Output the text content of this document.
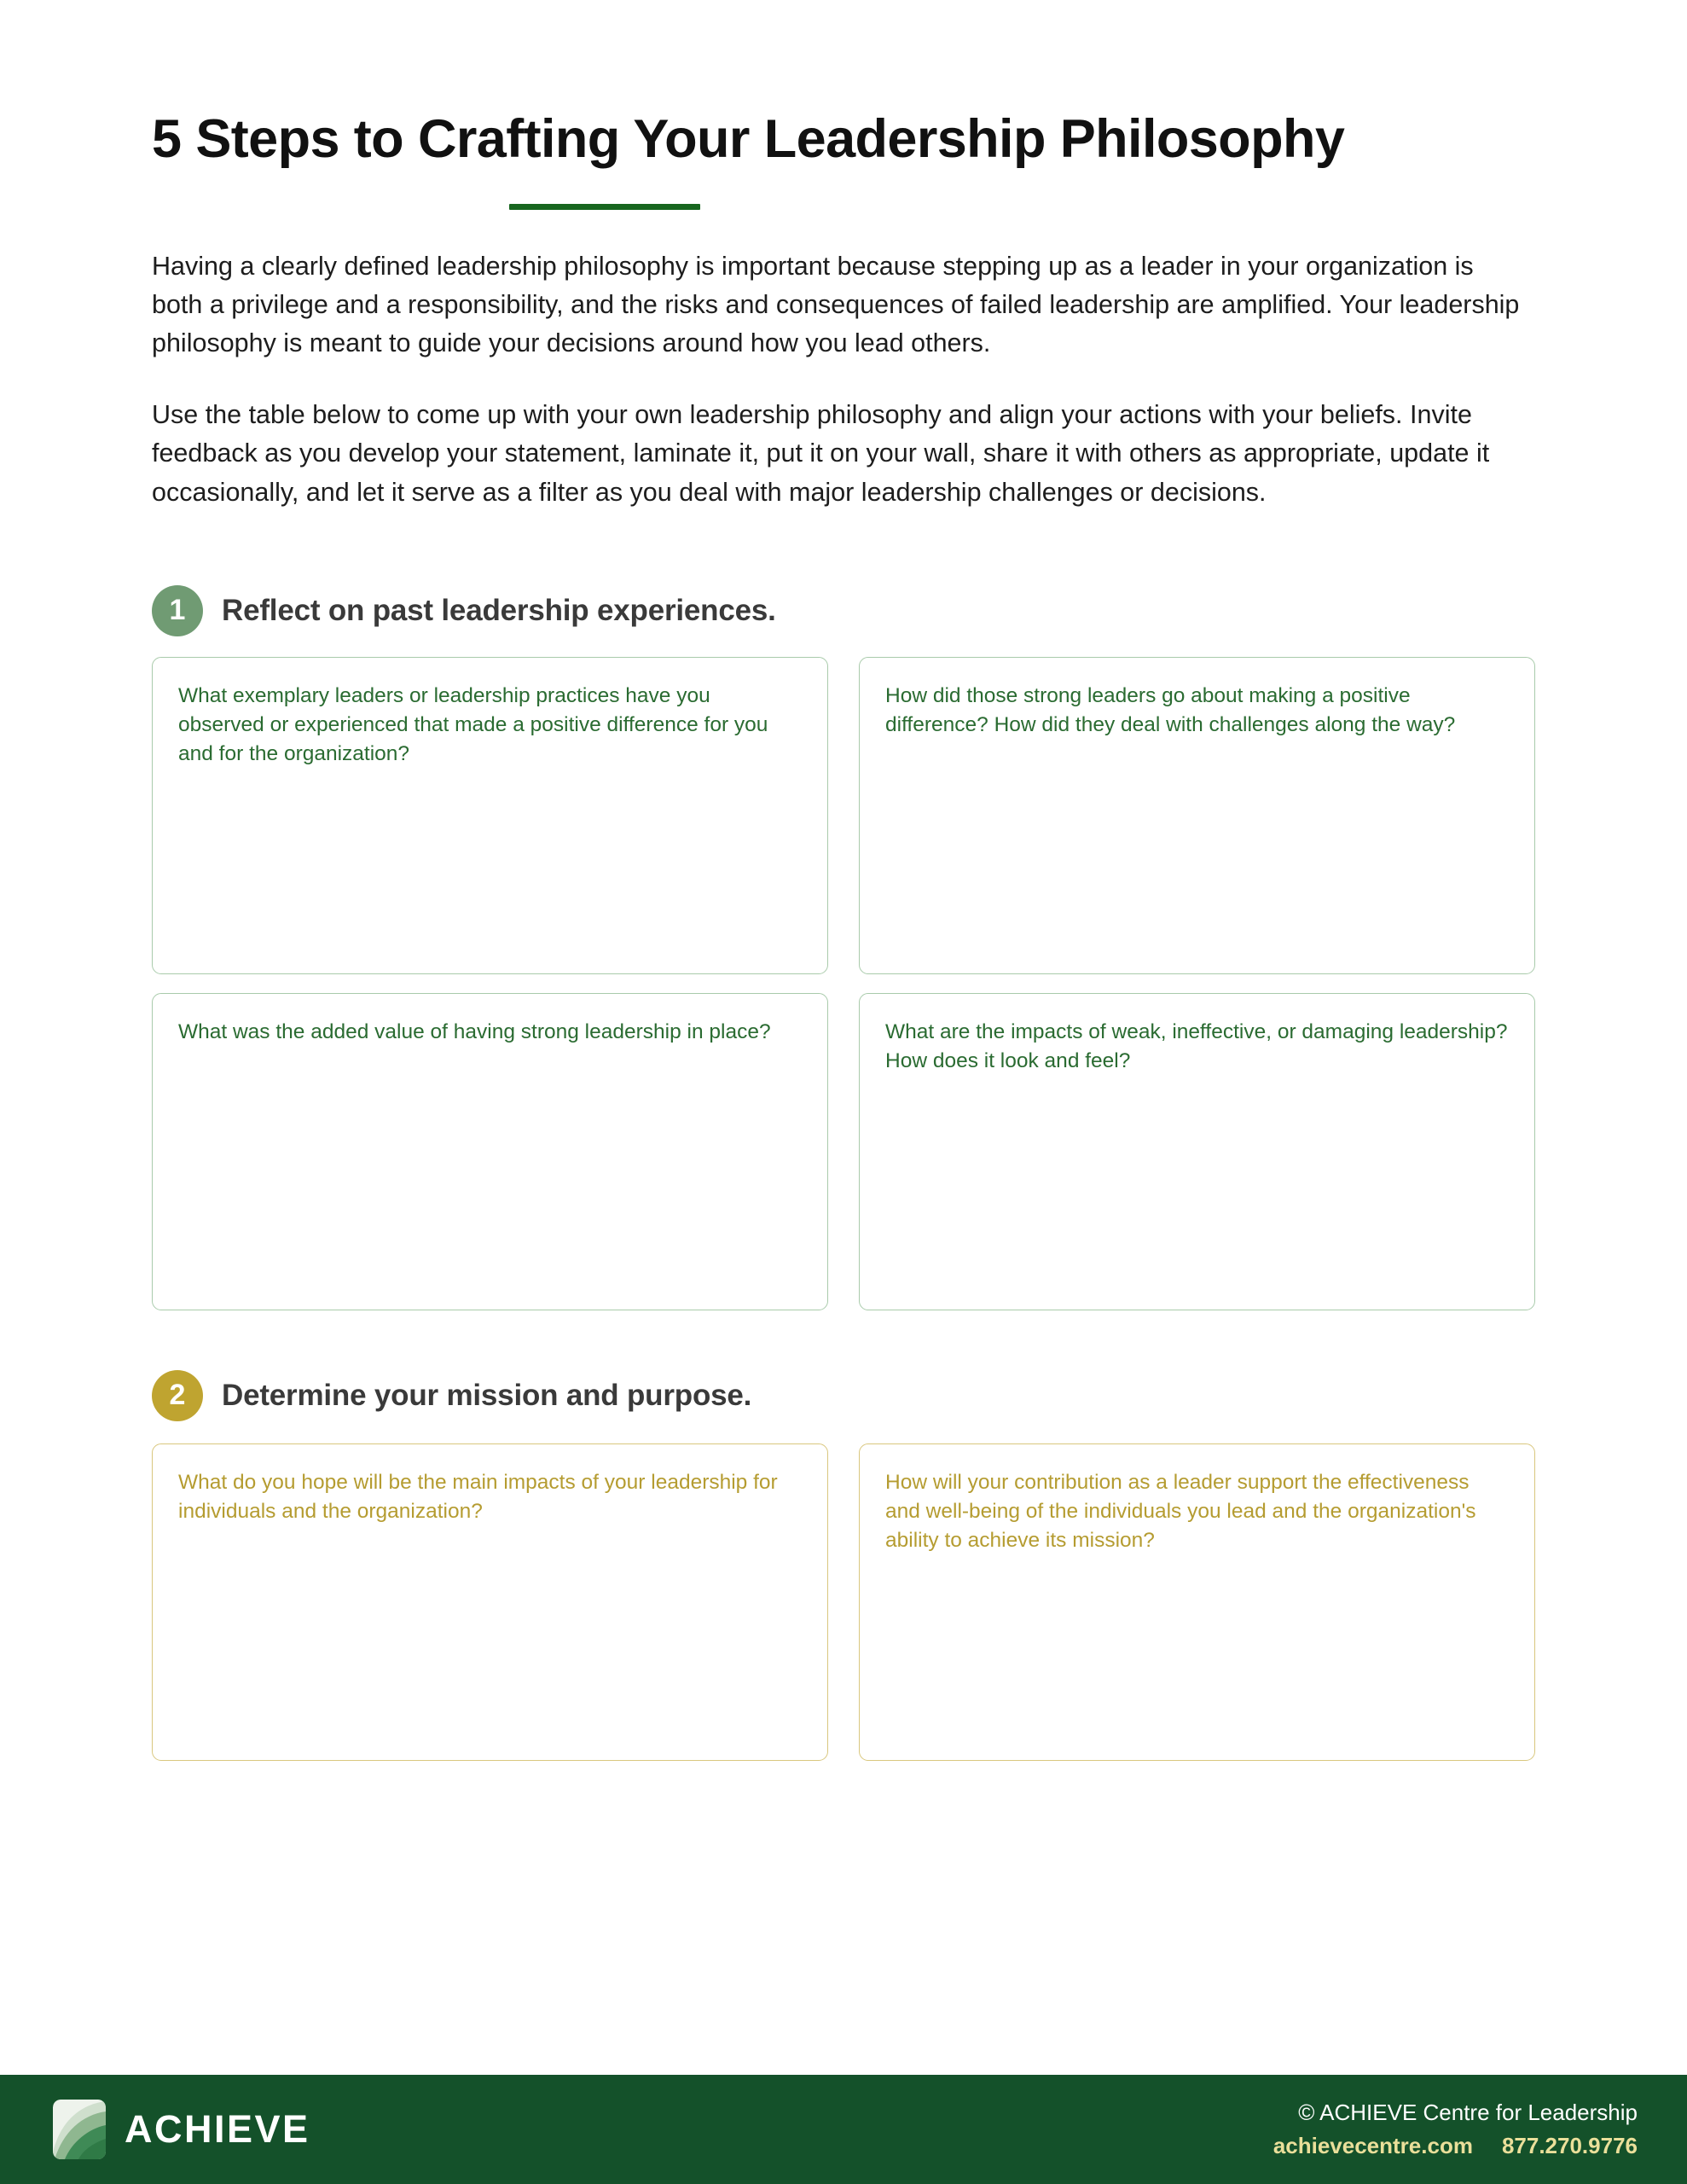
5 Steps to Crafting Your Leadership Philosophy

Having a clearly defined leadership philosophy is important because stepping up as a leader in your organization is both a privilege and a responsibility, and the risks and consequences of failed leadership are amplified. Your leadership philosophy is meant to guide your decisions around how you lead others.

Use the table below to come up with your own leadership philosophy and align your actions with your beliefs. Invite feedback as you develop your statement, laminate it, put it on your wall, share it with others as appropriate, update it occasionally, and let it serve as a filter as you deal with major leadership challenges or decisions.

1	Reflect on past leadership experiences.

What exemplary leaders or leadership practices have you observed or experienced that made a positive difference for you and for the organization?

How did those strong leaders go about making a positive difference? How did they deal with challenges along the way?

What was the added value of having strong leadership in place?	What are the impacts of weak, ineffective, or damaging leadership? How does it look and feel?

2	Determine your mission and purpose.

What do you hope will be the main impacts of your leadership for individuals and the organization?

How will your contribution as a leader support the effectiveness and well-being of the individuals you lead and the organization's ability to achieve its mission?

ACHIEVE	© ACHIEVE Centre for Leadership
achievecentre.com 877.270.9776
